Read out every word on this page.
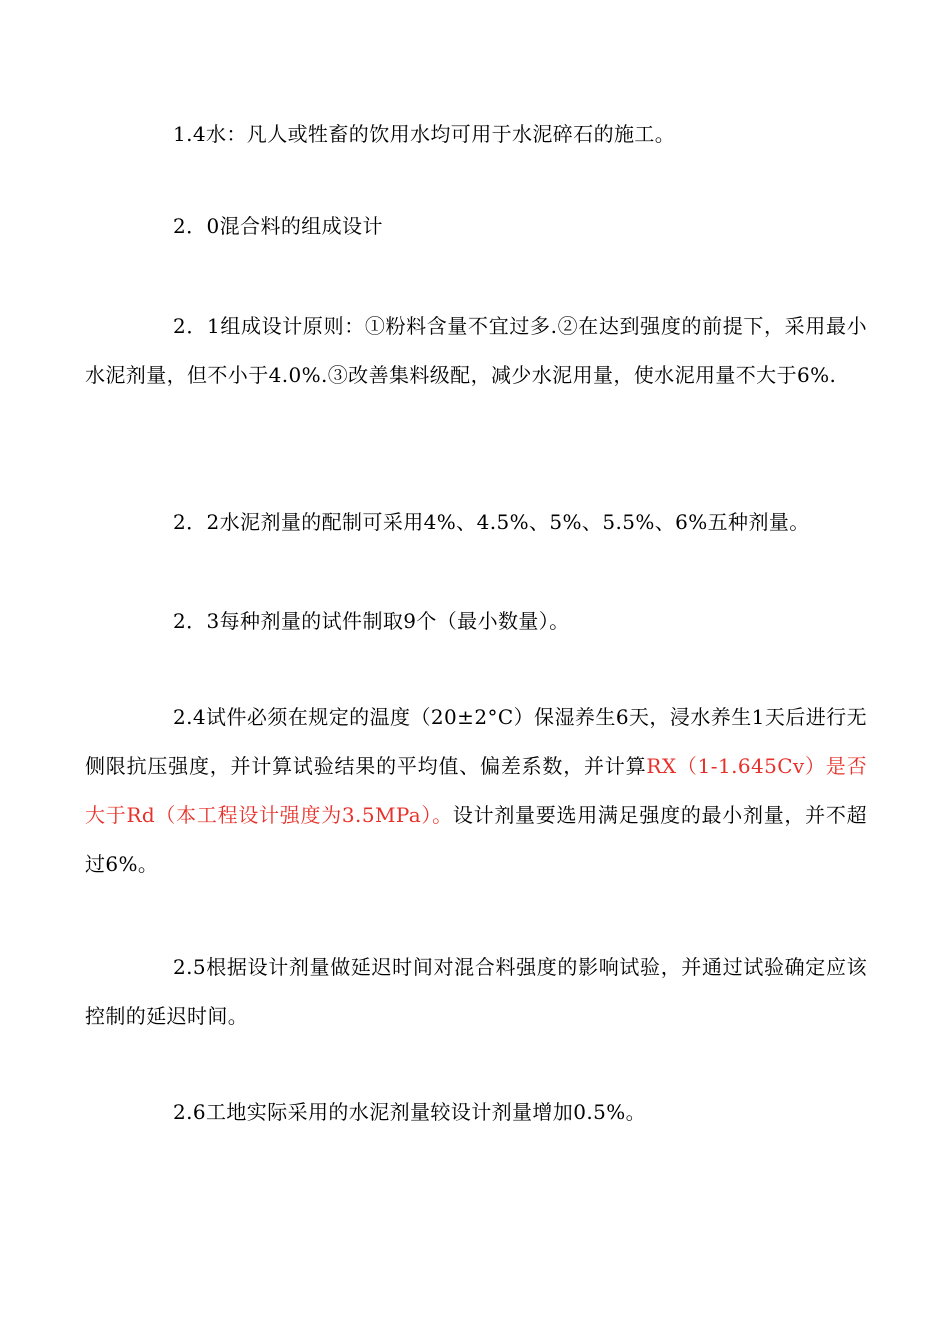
1.4水：凡人或牲畜的饮用水均可用于水泥碎石的施工。

2．0混合料的组成设计

2．1组成设计原则：①粉料含量不宜过多.②在达到强度的前提下，采用最小水泥剂量，但不小于4.0%.③改善集料级配，减少水泥用量，使水泥用量不大于6%.

2．2水泥剂量的配制可采用4%、4.5%、5%、5.5%、6%五种剂量。

2．3每种剂量的试件制取9个（最小数量）。

2.4试件必须在规定的温度（20±2°C）保湿养生6天，浸水养生1天后进行无侧限抗压强度，并计算试验结果的平均值、偏差系数，并计算RX（1-1.645Cv）是否大于Rd（本工程设计强度为3.5MPa）。设计剂量要选用满足强度的最小剂量，并不超过6%。

2.5根据设计剂量做延迟时间对混合料强度的影响试验，并通过试验确定应该控制的延迟时间。

2.6工地实际采用的水泥剂量较设计剂量增加0.5%。
